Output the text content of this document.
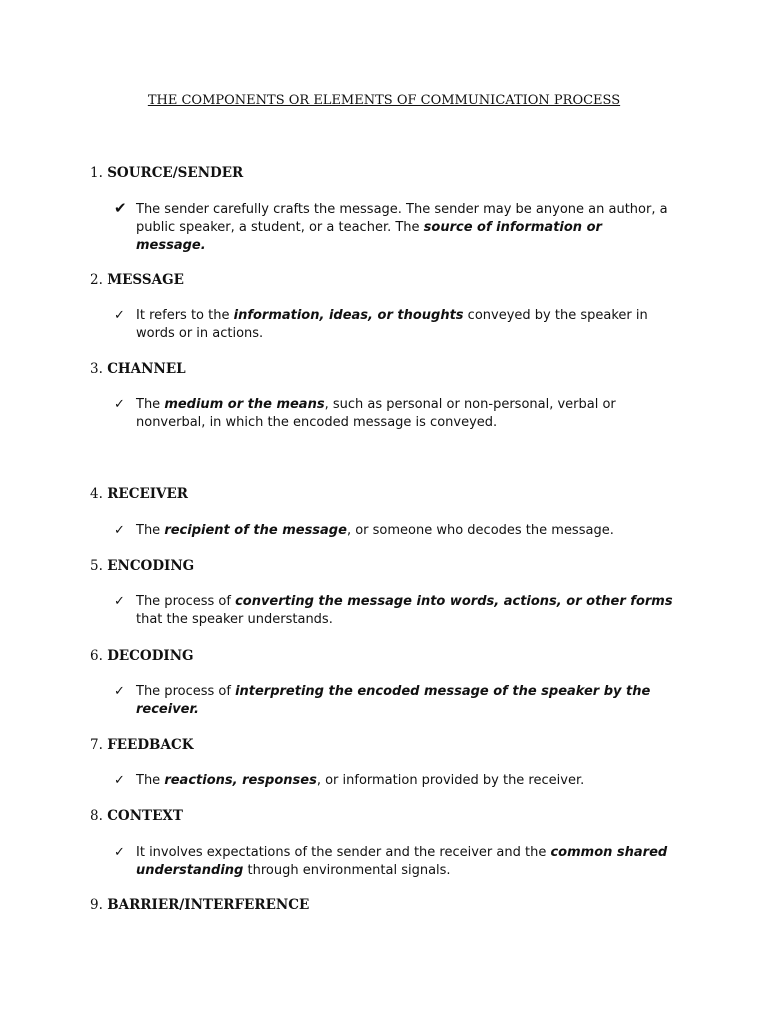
THE COMPONENTS OR ELEMENTS OF COMMUNICATION PROCESS
1. SOURCE/SENDER
✔ The sender carefully crafts the message. The sender may be anyone an author, a public speaker, a student, or a teacher. The source of information or message.
2. MESSAGE
✓ It refers to the information, ideas, or thoughts conveyed by the speaker in words or in actions.
3. CHANNEL
✓ The medium or the means, such as personal or non-personal, verbal or nonverbal, in which the encoded message is conveyed.
4. RECEIVER
✓ The recipient of the message, or someone who decodes the message.
5. ENCODING
✓ The process of converting the message into words, actions, or other forms that the speaker understands.
6. DECODING
✓ The process of interpreting the encoded message of the speaker by the receiver.
7. FEEDBACK
✓ The reactions, responses, or information provided by the receiver.
8. CONTEXT
✓ It involves expectations of the sender and the receiver and the common shared understanding through environmental signals.
9. BARRIER/INTERFERENCE
